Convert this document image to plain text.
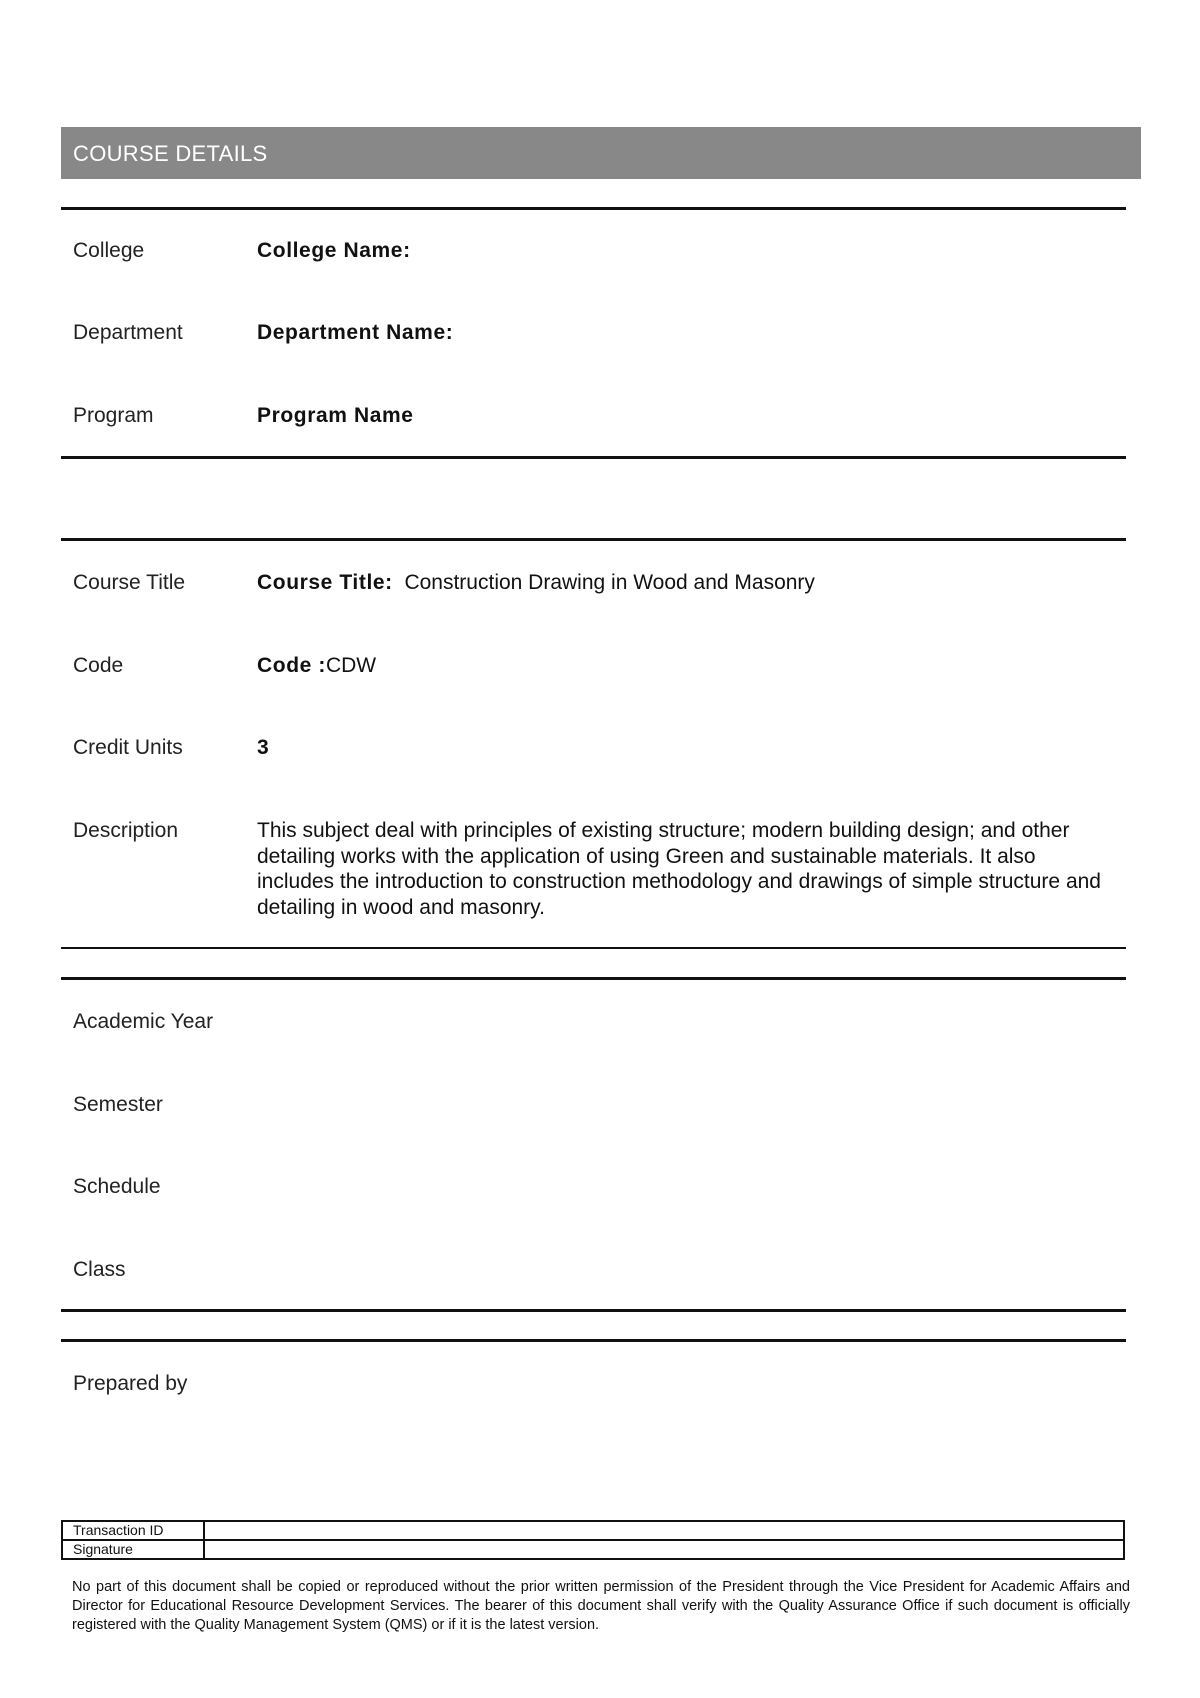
COURSE DETAILS
College	College Name:
Department	Department Name:
Program	Program Name
Course Title	Course Title: Construction Drawing in Wood and Masonry
Code	Code :CDW
Credit Units	3
Description	This subject deal with principles of existing structure; modern building design; and other detailing works with the application of using Green and sustainable materials. It also includes the introduction to construction methodology and drawings of simple structure and detailing in wood and masonry.
Academic Year
Semester
Schedule
Class
Prepared by
Transaction ID	
Signature	
No part of this document shall be copied or reproduced without the prior written permission of the President through the Vice President for Academic Affairs and Director for Educational Resource Development Services. The bearer of this document shall verify with the Quality Assurance Office if such document is officially registered with the Quality Management System (QMS) or if it is the latest version.
